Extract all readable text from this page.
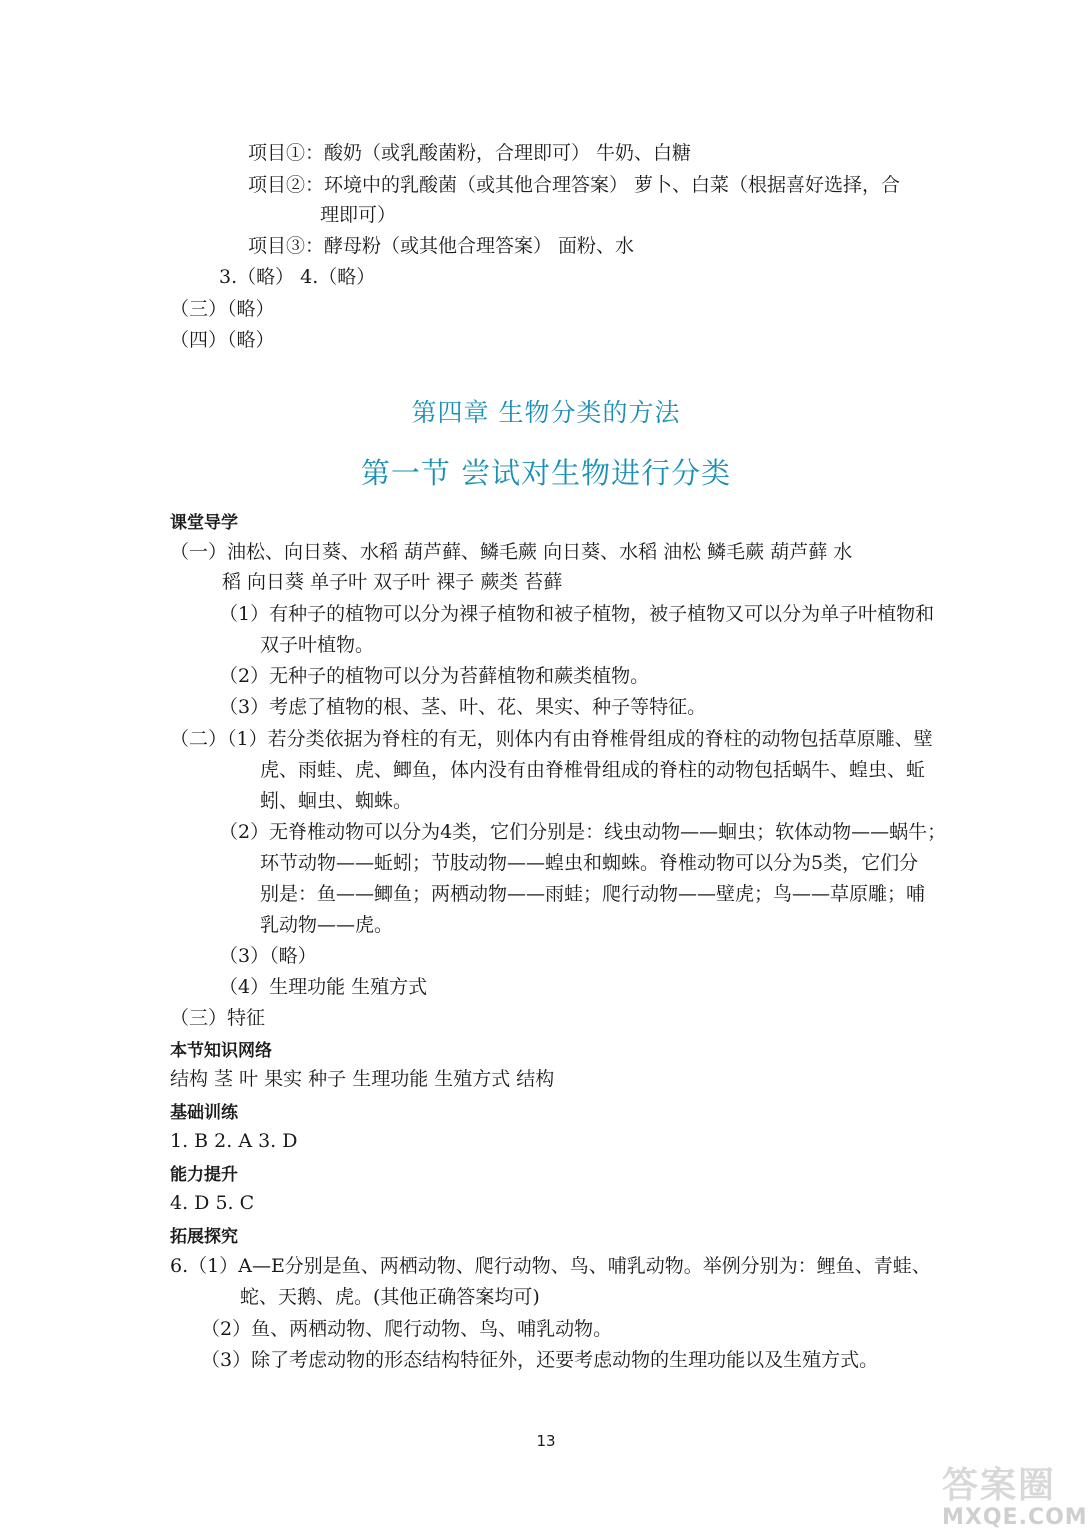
项目①：酸奶（或乳酸菌粉，合理即可） 牛奶、白糖
项目②：环境中的乳酸菌（或其他合理答案） 萝卜、白菜（根据喜好选择，合
理即可）
项目③：酵母粉（或其他合理答案） 面粉、水
3.（略） 4.（略）
（三）（略）
（四）（略）
第四章 生物分类的方法
第一节 尝试对生物进行分类
课堂导学
（一）油松、向日葵、水稻 葫芦藓、鳞毛蕨 向日葵、水稻 油松 鳞毛蕨 葫芦藓 水
稻 向日葵 单子叶 双子叶 裸子 蕨类 苔藓
（1）有种子的植物可以分为裸子植物和被子植物，被子植物又可以分为单子叶植物和
双子叶植物。
（2）无种子的植物可以分为苔藓植物和蕨类植物。
（3）考虑了植物的根、茎、叶、花、果实、种子等特征。
（二）（1）若分类依据为脊柱的有无，则体内有由脊椎骨组成的脊柱的动物包括草原雕、壁
虎、雨蛙、虎、鲫鱼，体内没有由脊椎骨组成的脊柱的动物包括蜗牛、蝗虫、蚯
蚓、蛔虫、蜘蛛。
（2）无脊椎动物可以分为4类，它们分别是：线虫动物——蛔虫；软体动物——蜗牛；
环节动物——蚯蚓；节肢动物——蝗虫和蜘蛛。脊椎动物可以分为5类，它们分
别是：鱼——鲫鱼；两栖动物——雨蛙；爬行动物——壁虎；鸟——草原雕；哺
乳动物——虎。
（3）（略）
（4）生理功能 生殖方式
（三）特征
本节知识网络
结构 茎 叶 果实 种子 生理功能 生殖方式 结构
基础训练
1. B 2. A 3. D
能力提升
4. D 5. C
拓展探究
6.（1）A—E分别是鱼、两栖动物、爬行动物、鸟、哺乳动物。举例分别为：鲤鱼、青蛙、
蛇、天鹅、虎。(其他正确答案均可)
（2）鱼、两栖动物、爬行动物、鸟、哺乳动物。
（3）除了考虑动物的形态结构特征外，还要考虑动物的生理功能以及生殖方式。
13
答案圈
MXQE.COM
